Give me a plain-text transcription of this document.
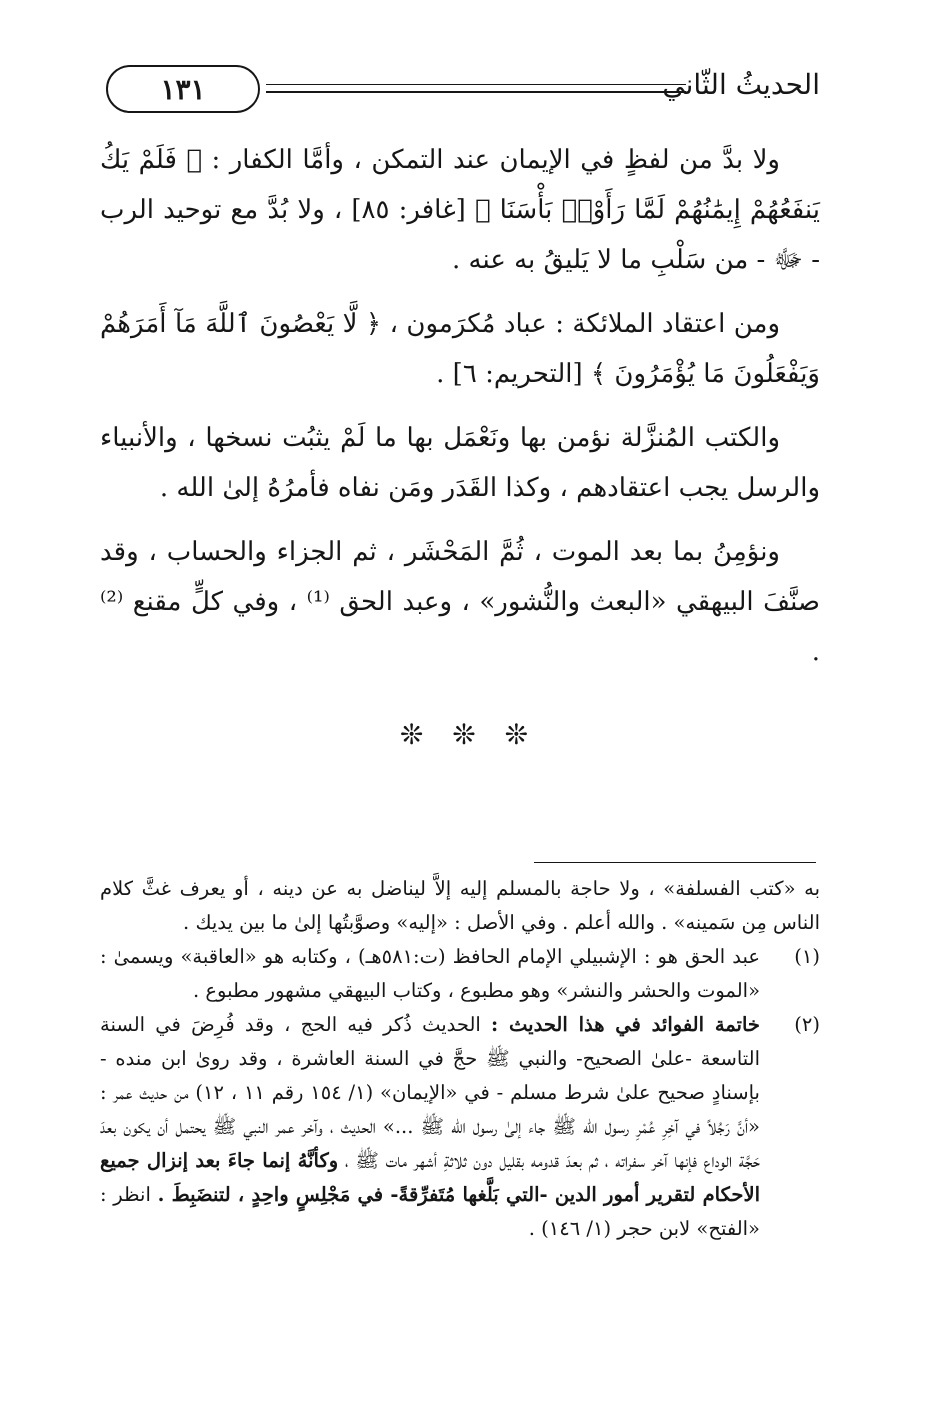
١٣١	الحديثُ الثّاني

ولا بدَّ من لفظٍ في الإيمان عند التمكن ، وأمَّا الكفار : ﴿ فَلَمْ يَكُ يَنفَعُهُمْ إِيمَٰنُهُمْ لَمَّا رَأَوْا۟ بَأْسَنَا ﴾ [غافر: ٨٥] ، ولا بُدَّ مع توحيد الرب - ﷻ - من سَلْبِ ما لا يَليقُ به عنه .

ومن اعتقاد الملائكة : عباد مُكرَمون ، ﴿ لَّا يَعْصُونَ ٱللَّهَ مَآ أَمَرَهُمْ وَيَفْعَلُونَ مَا يُؤْمَرُونَ ﴾ [التحريم: ٦] .

والكتب المُنزَّلة نؤمن بها ونَعْمَل بها ما لَمْ يثبُت نسخها ، والأنبياء والرسل يجب اعتقادهم ، وكذا القَدَر ومَن نفاه فأمرُهُ إلىٰ الله .

ونؤمِنُ بما بعد الموت ، ثُمَّ المَحْشَر ، ثم الجزاء والحساب ، وقد صنَّفَ البيهقي «البعث والنُّشور» ، وعبد الحق ⁽¹⁾ ، وفي كلٍّ مقنع ⁽²⁾ .

❊ ❊ ❊

به «كتب الفسلفة» ، ولا حاجة بالمسلم إليه إلاَّ ليناضل به عن دينه ، أو يعرف غثَّ كلام الناس مِن سَمينه» . والله أعلم . وفي الأصل : «إليه» وصوَّبتُها إلىٰ ما بين يديك .

(١)
عبد الحق هو : الإشبيلي الإمام الحافظ (ت:٥٨١هـ) ، وكتابه هو «العاقبة» ويسمىٰ : «الموت والحشر والنشر» وهو مطبوع ، وكتاب البيهقي مشهور مطبوع .
(٢)
خاتمة الفوائد في هذا الحديث : الحديث ذُكر فيه الحج ، وقد فُرِضَ في السنة التاسعة -علىٰ الصحيح- والنبي ﷺ حجَّ في السنة العاشرة ، وقد روىٰ ابن منده - بإسنادٍ صحيح علىٰ شرط مسلم - في «الإيمان» (١/ ١٥٤ رقم ١١ ، ١٢) من حديث عمر : «أنَّ رَجُلاً في آخِرِ عُمْرِ رسول الله ﷺ جاء إلىٰ رسول الله ﷺ ...» الحديث ، وآخر عمر النبي ﷺ يحتمل أن يكون بعدَ حَجَّة الوداع فإنها آخر سفراته ، ثم بعدَ قدومه بقليل دون ثلاثةِ أشهر مات ﷺ ، وكأنَّهُ إنما جاءَ بعد إنزال جميع الأحكام لتقرير أمور الدين -التي بَلَّغها مُتَفرِّقةً- في مَجْلِسٍ واحِدٍ ، لتنضَبِطَ . انظر : «الفتح» لابن حجر (١/ ١٤٦) .
